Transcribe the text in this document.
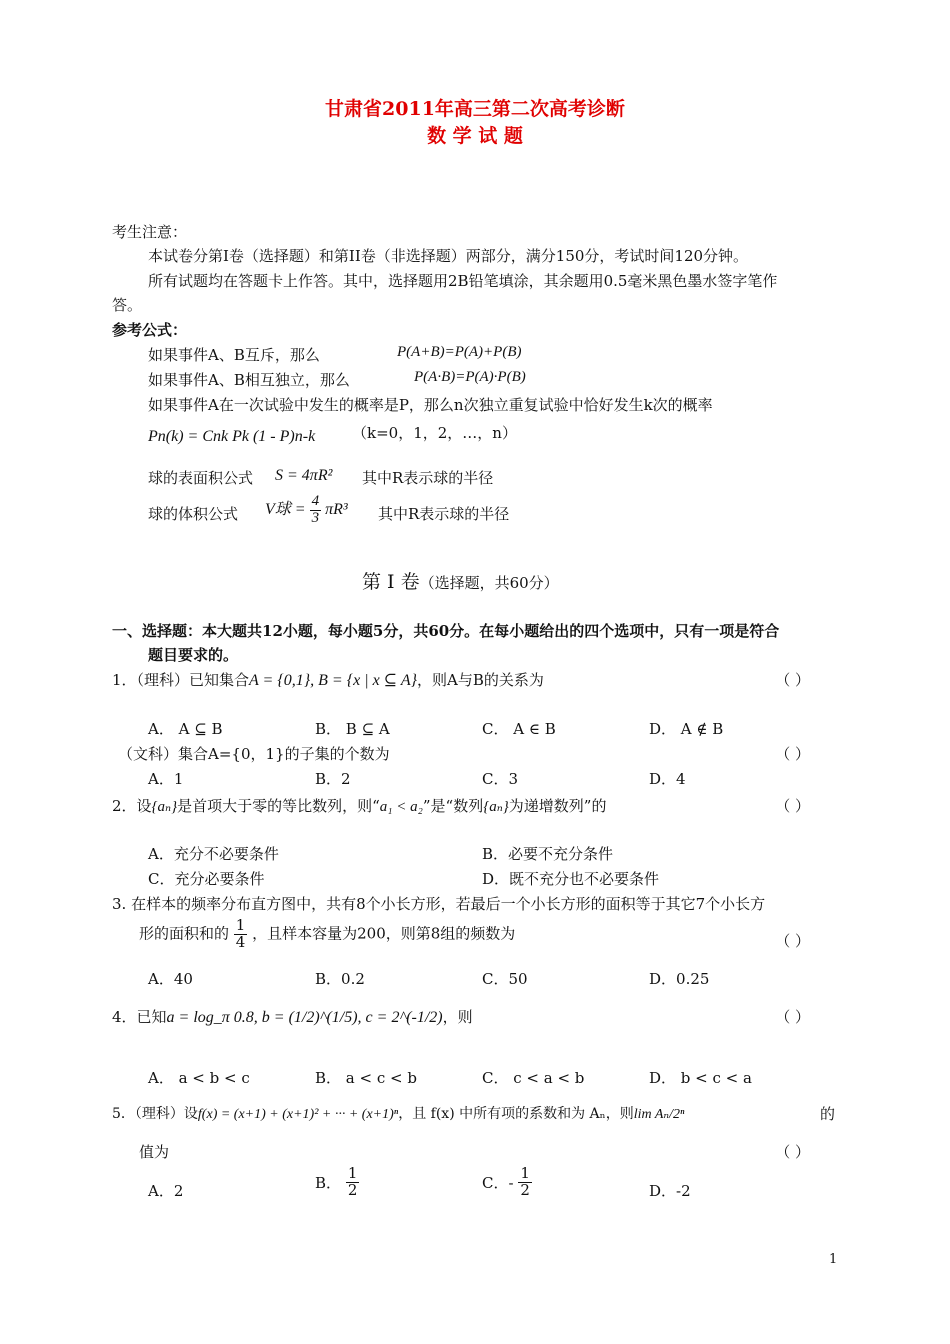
甘肃省2011年高三第二次高考诊断
数 学 试 题
考生注意：
本试卷分第I卷（选择题）和第II卷（非选择题）两部分，满分150分，考试时间120分钟。
所有试题均在答题卡上作答。其中，选择题用2B铅笔填涂，其余题用0.5毫米黑色墨水签字笔作
答。
参考公式：
如果事件A、B互斥，那么	P(A+B)=P(A)+P(B)
如果事件A、B相互独立，那么	P(A·B)=P(A)·P(B)
如果事件A在一次试验中发生的概率是P，那么n次独立重复试验中恰好发生k次的概率
Pn(k) = Cnk Pk (1 - P)n-k （k=0，1，2，…，n）
球的表面积公式 S = 4πR² 其中R表示球的半径
球的体积公式 V球 = $\frac{4}{3} \pi R^3$ 其中R表示球的半径
第 I 卷（选择题，共60分）
一、选择题：本大题共12小题，每小题5分，共60分。在每小题给出的四个选项中，只有一项是符合
题目要求的。
1．（理科）已知集合A = {0,1}, B = {x | x ⊆ A}，则A与B的关系为	（ ）
A． A ⊆ B	B． B ⊆ A	C． A ∈ B	D． A ∉ B
（文科）集合A={0，1}的子集的个数为	（ ）
A．1	B．2	C．3	D．4
2．设{aₙ}是首项大于零的等比数列，则“a₁ < a₂”是“数列{aₙ}为递增数列”的	（ ）
A．充分不必要条件	B．必要不充分条件
C．充分必要条件	D．既不充分也不必要条件
3. 在样本的频率分布直方图中，共有8个小长方形，若最后一个小长方形的面积等于其它7个小长方
形的面积和的 $\frac{1}{4}$ ，且样本容量为200，则第8组的频数为	（ ）
A．40	B．0.2	C．50	D．0.25
4．已知a = log_π 0.8, b = (1/2)^(1/5), c = 2^(-1/2)，则	（ ）
A． a < b < c	B． a < c < b	C． c < a < b	D． b < c < a
5．（理科）设f(x) = (x+1) + (x+1)² + ··· + (x+1)ⁿ，且 f(x) 中所有项的系数和为 Aₙ，则lim Aₙ/2ⁿ	的
值为	（ ）
A．2	B． $\frac{1}{2}$	C．- $\frac{1}{2}$	D．-2
1
